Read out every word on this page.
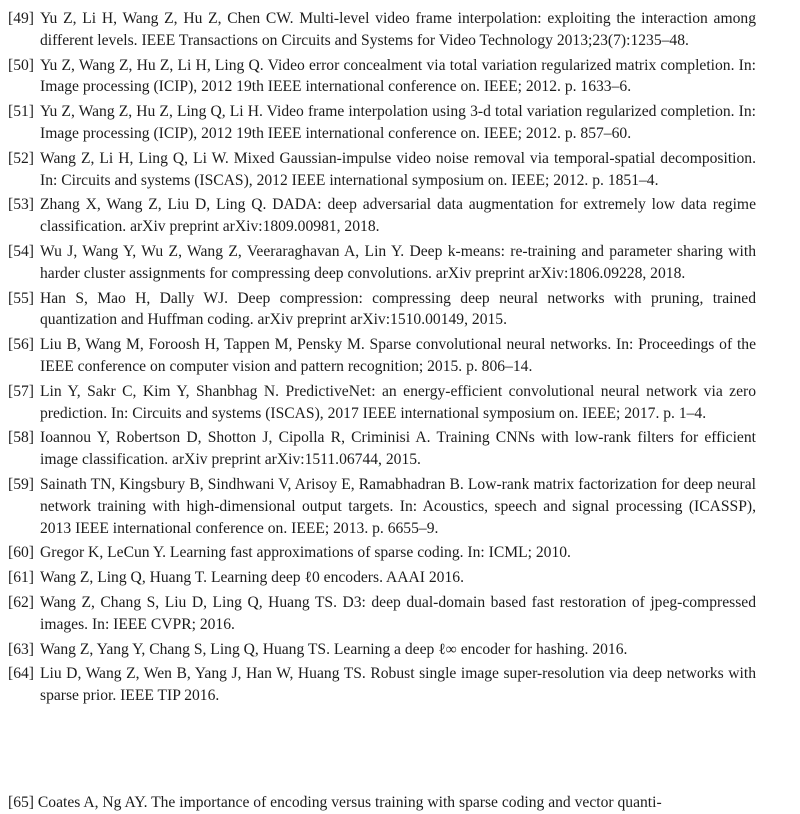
[49] Yu Z, Li H, Wang Z, Hu Z, Chen CW. Multi-level video frame interpolation: exploiting the interaction among different levels. IEEE Transactions on Circuits and Systems for Video Technology 2013;23(7):1235–48.
[50] Yu Z, Wang Z, Hu Z, Li H, Ling Q. Video error concealment via total variation regularized matrix completion. In: Image processing (ICIP), 2012 19th IEEE international conference on. IEEE; 2012. p. 1633–6.
[51] Yu Z, Wang Z, Hu Z, Ling Q, Li H. Video frame interpolation using 3-d total variation regularized completion. In: Image processing (ICIP), 2012 19th IEEE international conference on. IEEE; 2012. p. 857–60.
[52] Wang Z, Li H, Ling Q, Li W. Mixed Gaussian-impulse video noise removal via temporal-spatial decomposition. In: Circuits and systems (ISCAS), 2012 IEEE international symposium on. IEEE; 2012. p. 1851–4.
[53] Zhang X, Wang Z, Liu D, Ling Q. DADA: deep adversarial data augmentation for extremely low data regime classification. arXiv preprint arXiv:1809.00981, 2018.
[54] Wu J, Wang Y, Wu Z, Wang Z, Veeraraghavan A, Lin Y. Deep k-means: re-training and parameter sharing with harder cluster assignments for compressing deep convolutions. arXiv preprint arXiv:1806.09228, 2018.
[55] Han S, Mao H, Dally WJ. Deep compression: compressing deep neural networks with pruning, trained quantization and Huffman coding. arXiv preprint arXiv:1510.00149, 2015.
[56] Liu B, Wang M, Foroosh H, Tappen M, Pensky M. Sparse convolutional neural networks. In: Proceedings of the IEEE conference on computer vision and pattern recognition; 2015. p. 806–14.
[57] Lin Y, Sakr C, Kim Y, Shanbhag N. PredictiveNet: an energy-efficient convolutional neural network via zero prediction. In: Circuits and systems (ISCAS), 2017 IEEE international symposium on. IEEE; 2017. p. 1–4.
[58] Ioannou Y, Robertson D, Shotton J, Cipolla R, Criminisi A. Training CNNs with low-rank filters for efficient image classification. arXiv preprint arXiv:1511.06744, 2015.
[59] Sainath TN, Kingsbury B, Sindhwani V, Arisoy E, Ramabhadran B. Low-rank matrix factorization for deep neural network training with high-dimensional output targets. In: Acoustics, speech and signal processing (ICASSP), 2013 IEEE international conference on. IEEE; 2013. p. 6655–9.
[60] Gregor K, LeCun Y. Learning fast approximations of sparse coding. In: ICML; 2010.
[61] Wang Z, Ling Q, Huang T. Learning deep ℓ0 encoders. AAAI 2016.
[62] Wang Z, Chang S, Liu D, Ling Q, Huang TS. D3: deep dual-domain based fast restoration of jpeg-compressed images. In: IEEE CVPR; 2016.
[63] Wang Z, Yang Y, Chang S, Ling Q, Huang TS. Learning a deep ℓ∞ encoder for hashing. 2016.
[64] Liu D, Wang Z, Wen B, Yang J, Han W, Huang TS. Robust single image super-resolution via deep networks with sparse prior. IEEE TIP 2016.
[65] Coates A, Ng AY. The importance of encoding versus training with sparse coding and vector quanti-
